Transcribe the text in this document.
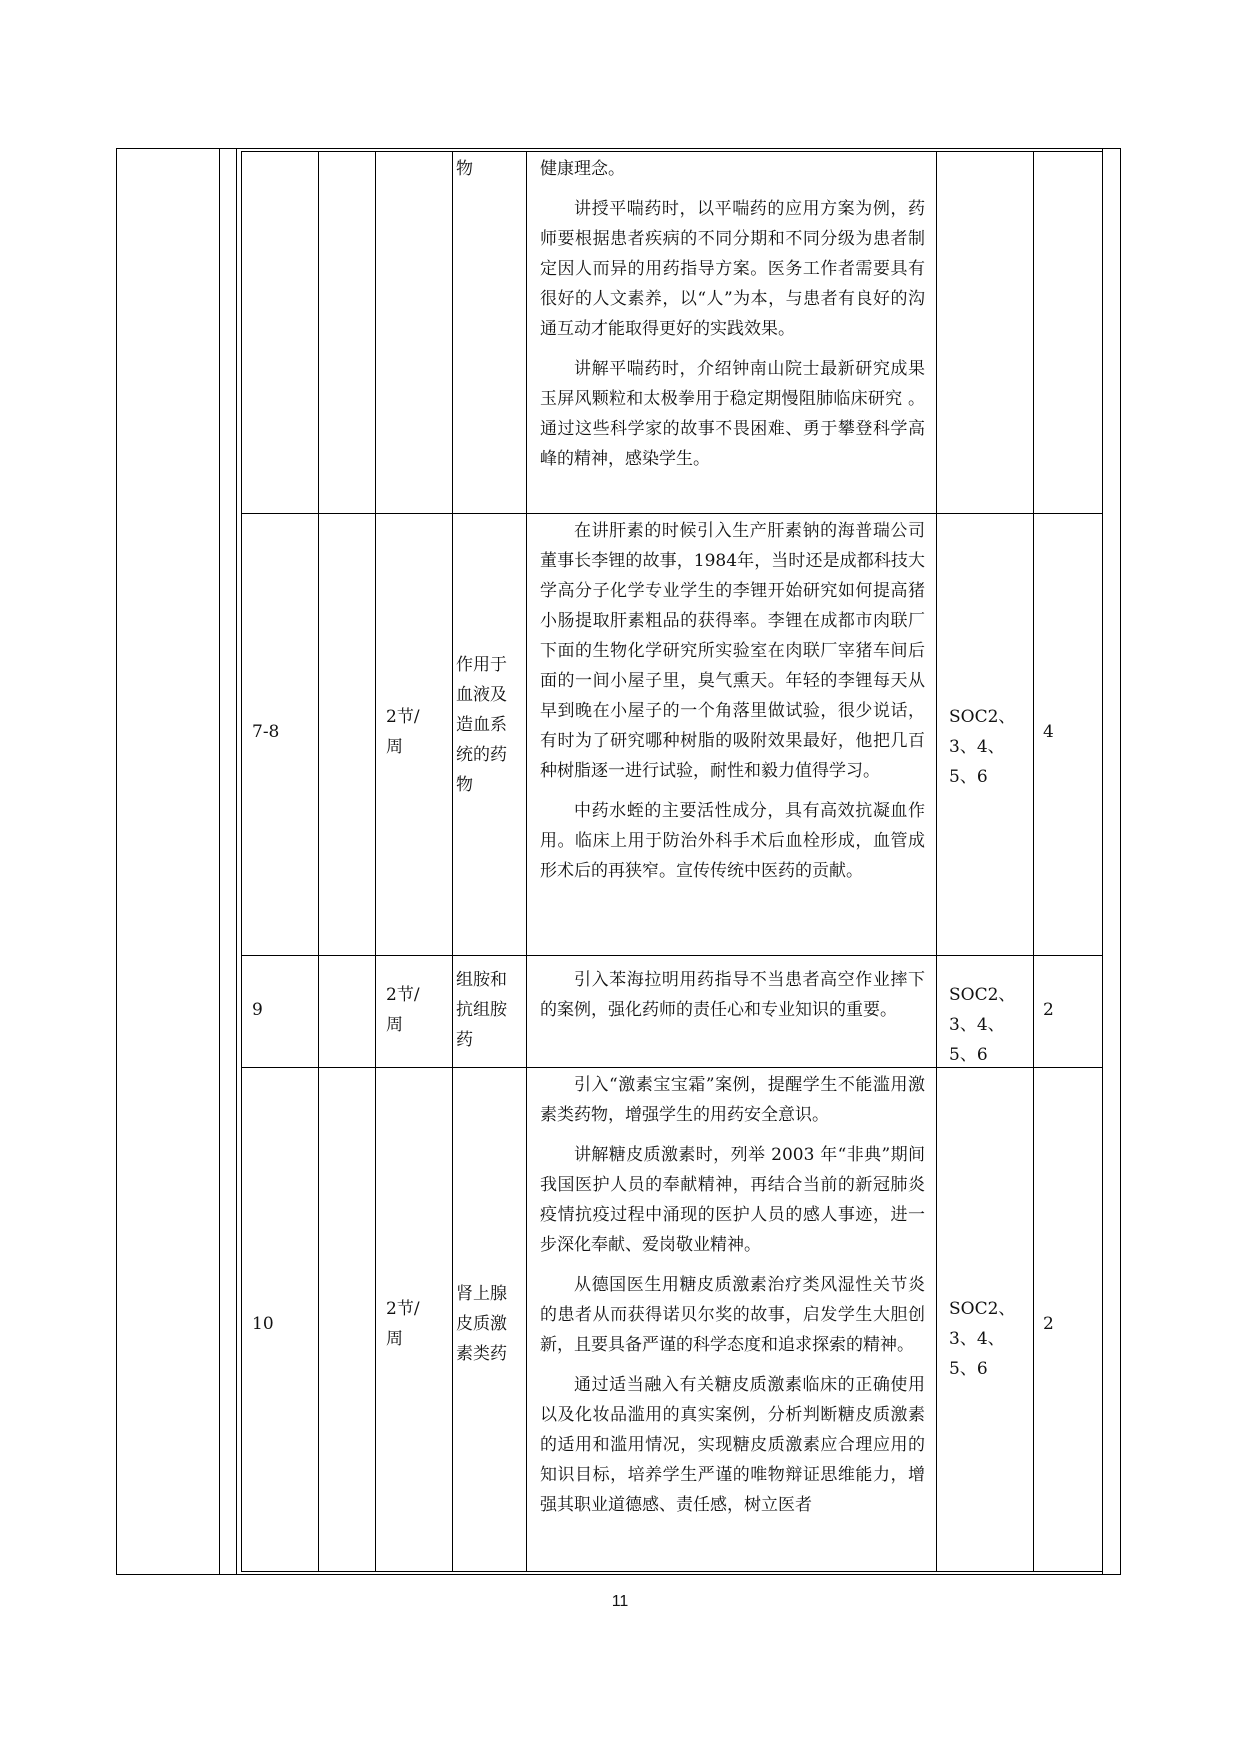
物	健康理念。

讲授平喘药时，以平喘药的应用方案为例，药师要根据患者疾病的不同分期和不同分级为患者制定因人而异的用药指导方案。医务工作者需要具有很好的人文素养，以“人”为本，与患者有良好的沟通互动才能取得更好的实践效果。

讲解平喘药时，介绍钟南山院士最新研究成果玉屏风颗粒和太极拳用于稳定期慢阻肺临床研究 。通过这些科学家的故事不畏困难、勇于攀登科学高峰的精神，感染学生。

7-8
2节/周
作用于血液及造血系统的药物

在讲肝素的时候引入生产肝素钠的海普瑞公司董事长李锂的故事，1984年，当时还是成都科技大学高分子化学专业学生的李锂开始研究如何提高猪小肠提取肝素粗品的获得率。李锂在成都市肉联厂下面的生物化学研究所实验室在肉联厂宰猪车间后面的一间小屋子里，臭气熏天。年轻的李锂每天从早到晚在小屋子的一个角落里做试验，很少说话，有时为了研究哪种树脂的吸附效果最好，他把几百种树脂逐一进行试验，耐性和毅力值得学习。

中药水蛭的主要活性成分，具有高效抗凝血作用。临床上用于防治外科手术后血栓形成，血管成形术后的再狭窄。宣传传统中医药的贡献。

SOC2、3、4、5、6
4
9
2节/周
组胺和抗组胺药

引入苯海拉明用药指导不当患者高空作业摔下的案例，强化药师的责任心和专业知识的重要。

SOC2、3、4、5、6
2
10
2节/周
肾上腺皮质激素类药

引入“激素宝宝霜”案例，提醒学生不能滥用激素类药物，增强学生的用药安全意识。

讲解糖皮质激素时，列举 2003 年“非典”期间我国医护人员的奉献精神，再结合当前的新冠肺炎疫情抗疫过程中涌现的医护人员的感人事迹，进一步深化奉献、爱岗敬业精神。

从德国医生用糖皮质激素治疗类风湿性关节炎的患者从而获得诺贝尔奖的故事，启发学生大胆创新，且要具备严谨的科学态度和追求探索的精神。

通过适当融入有关糖皮质激素临床的正确使用以及化妆品滥用的真实案例，分析判断糖皮质激素的适用和滥用情况，实现糖皮质激素应合理应用的知识目标，培养学生严谨的唯物辩证思维能力，增强其职业道德感、责任感，树立医者

SOC2、3、4、5、6
2
11
